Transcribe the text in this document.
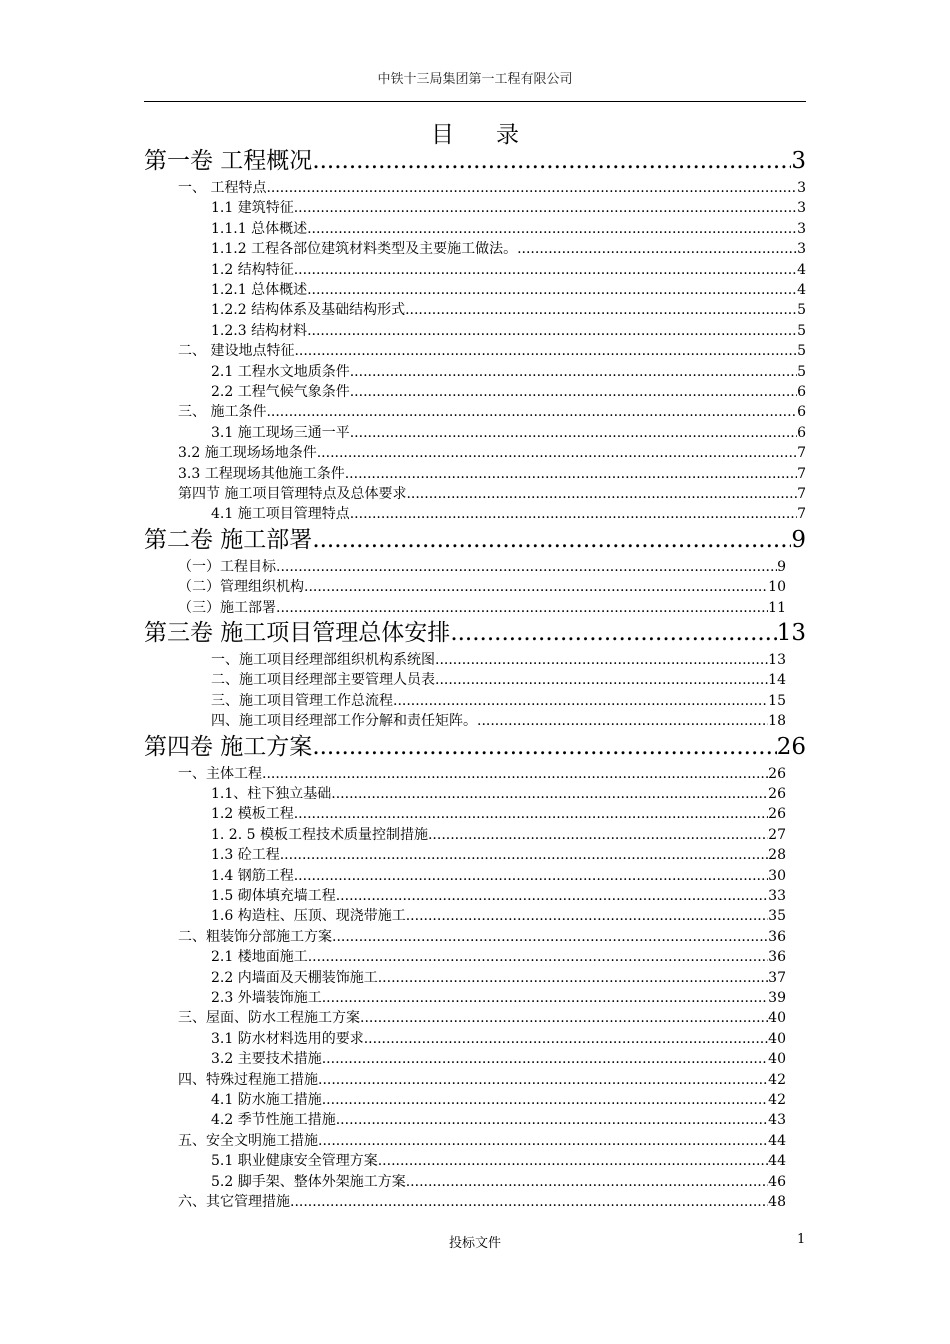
中铁十三局集团第一工程有限公司
目录
第一卷 工程概况 .....	3
一、 工程特点 .....	3
1.1 建筑特征 .....	3
1.1.1 总体概述 .....	3
1.1.2 工程各部位建筑材料类型及主要施工做法。 .....	3
1.2 结构特征 .....	4
1.2.1 总体概述 .....	4
1.2.2 结构体系及基础结构形式 .....	5
1.2.3 结构材料 .....	5
二、 建设地点特征 .....	5
2.1 工程水文地质条件 .....	5
2.2 工程气候气象条件 .....	6
三、 施工条件 .....	6
3.1 施工现场三通一平 .....	6
3.2 施工现场场地条件 .....	7
3.3 工程现场其他施工条件 .....	7
第四节 施工项目管理特点及总体要求 .....	7
4.1 施工项目管理特点 .....	7
第二卷 施工部署 .....	9
（一）工程目标 .....	9
（二）管理组织机构 .....	10
（三）施工部署 .....	11
第三卷 施工项目管理总体安排 .....	13
一、施工项目经理部组织机构系统图 .....	13
二、施工项目经理部主要管理人员表 .....	14
三、施工项目管理工作总流程 .....	15
四、施工项目经理部工作分解和责任矩阵。 .....	18
第四卷 施工方案 .....	26
一、主体工程 .....	26
1.1、柱下独立基础 .....	26
1.2 模板工程 .....	26
1. 2. 5 模板工程技术质量控制措施 .....	27
1.3 砼工程 .....	28
1.4 钢筋工程 .....	30
1.5 砌体填充墙工程 .....	33
1.6 构造柱、压顶、现浇带施工 .....	35
二、粗装饰分部施工方案 .....	36
2.1 楼地面施工 .....	36
2.2 内墙面及天棚装饰施工 .....	37
2.3 外墙装饰施工 .....	39
三、屋面、防水工程施工方案 .....	40
3.1 防水材料选用的要求 .....	40
3.2 主要技术措施 .....	40
四、特殊过程施工措施 .....	42
4.1 防水施工措施 .....	42
4.2 季节性施工措施 .....	43
五、安全文明施工措施 .....	44
5.1 职业健康安全管理方案 .....	44
5.2 脚手架、整体外架施工方案 .....	46
六、其它管理措施 .....	48
投标文件	1
